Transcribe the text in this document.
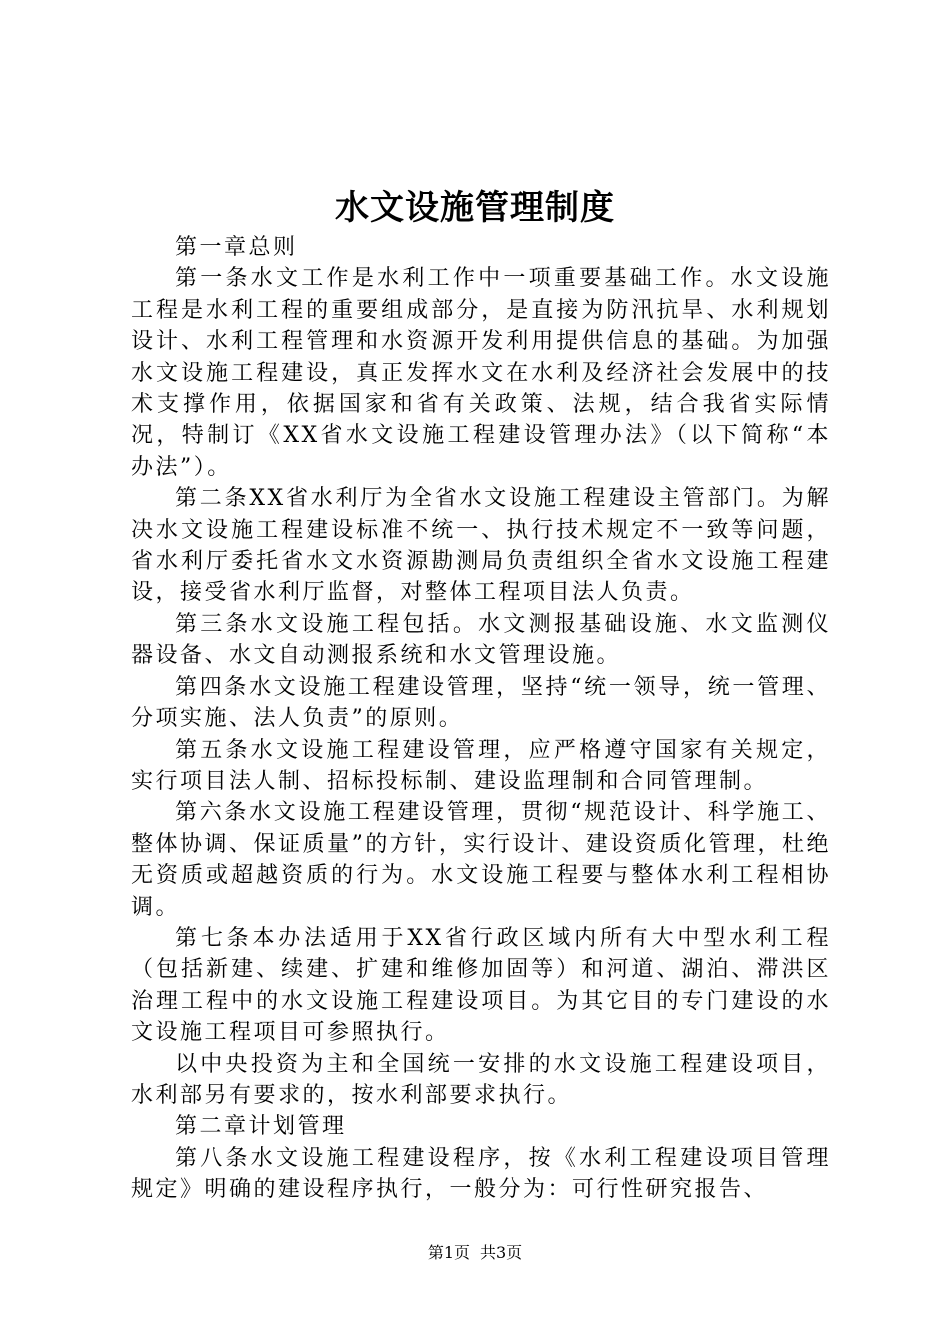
水文设施管理制度

第一章总则

第一条水文工作是水利工作中一项重要基础工作。水文设施工程是水利工程的重要组成部分，是直接为防汛抗旱、水利规划设计、水利工程管理和水资源开发利用提供信息的基础。为加强水文设施工程建设，真正发挥水文在水利及经济社会发展中的技术支撑作用，依据国家和省有关政策、法规，结合我省实际情况，特制订《XX省水文设施工程建设管理办法》（以下简称“本办法”）。

第二条XX省水利厅为全省水文设施工程建设主管部门。为解决水文设施工程建设标准不统一、执行技术规定不一致等问题，省水利厅委托省水文水资源勘测局负责组织全省水文设施工程建设，接受省水利厅监督，对整体工程项目法人负责。

第三条水文设施工程包括。水文测报基础设施、水文监测仪器设备、水文自动测报系统和水文管理设施。

第四条水文设施工程建设管理，坚持“统一领导，统一管理、分项实施、法人负责”的原则。

第五条水文设施工程建设管理，应严格遵守国家有关规定，实行项目法人制、招标投标制、建设监理制和合同管理制。

第六条水文设施工程建设管理，贯彻“规范设计、科学施工、整体协调、保证质量”的方针，实行设计、建设资质化管理，杜绝无资质或超越资质的行为。水文设施工程要与整体水利工程相协调。

第七条本办法适用于XX省行政区域内所有大中型水利工程（包括新建、续建、扩建和维修加固等）和河道、湖泊、滞洪区治理工程中的水文设施工程建设项目。为其它目的专门建设的水文设施工程项目可参照执行。

以中央投资为主和全国统一安排的水文设施工程建设项目，水利部另有要求的，按水利部要求执行。

第二章计划管理

第八条水文设施工程建设程序，按《水利工程建设项目管理规定》明确的建设程序执行，一般分为：可行性研究报告、

第1页 共3页
